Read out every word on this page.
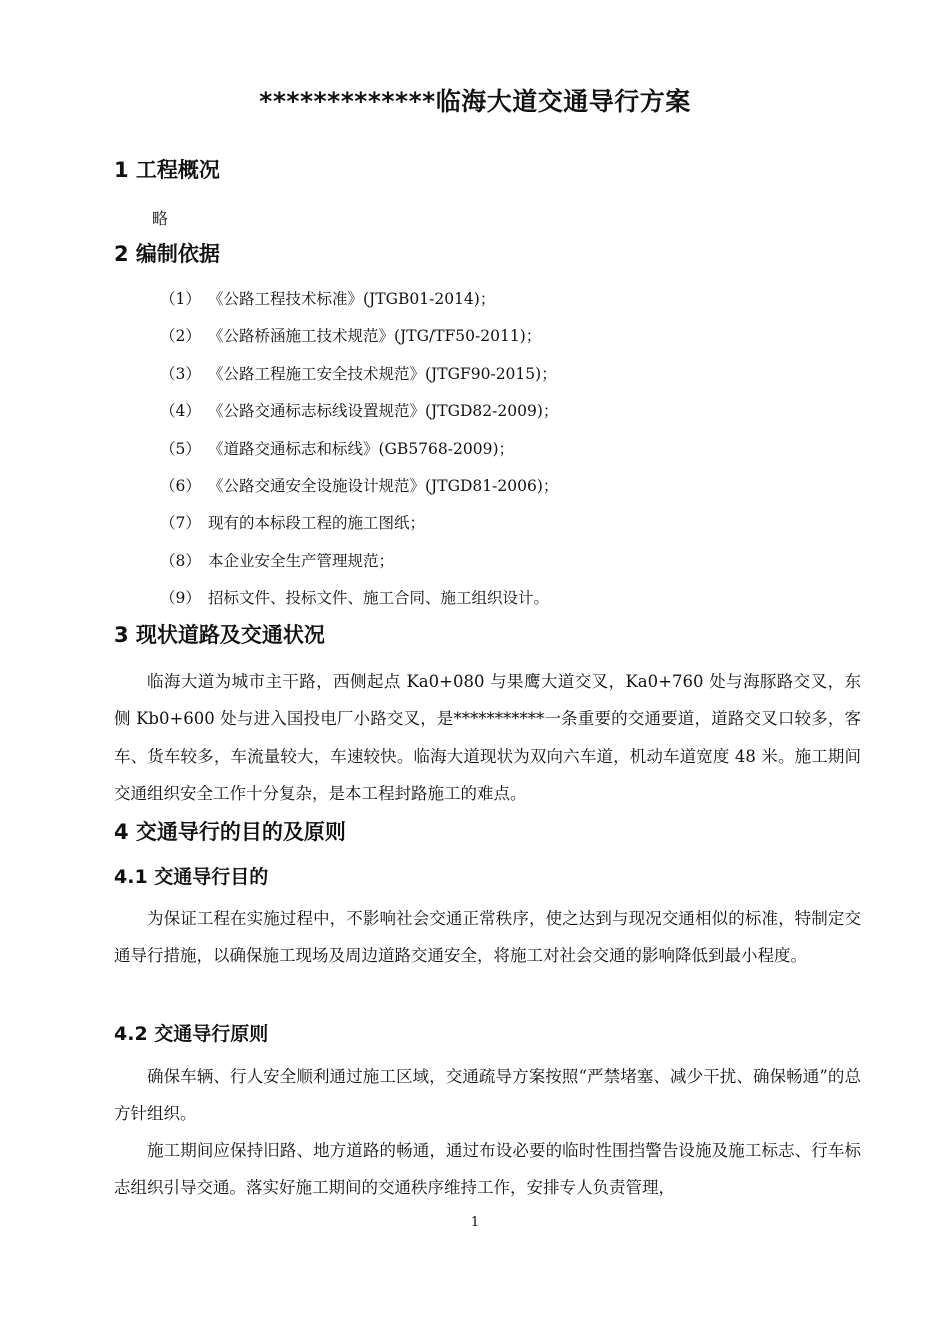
*************临海大道交通导行方案
1 工程概况

略

2 编制依据
（1） 《公路工程技术标准》(JTGB01-2014)；
（2） 《公路桥涵施工技术规范》(JTG/TF50-2011)；
（3） 《公路工程施工安全技术规范》(JTGF90-2015)；
（4） 《公路交通标志标线设置规范》(JTGD82-2009)；
（5） 《道路交通标志和标线》(GB5768-2009)；
（6） 《公路交通安全设施设计规范》(JTGD81-2006)；
（7） 现有的本标段工程的施工图纸；
（8） 本企业安全生产管理规范；
（9） 招标文件、投标文件、施工合同、施工组织设计。
3 现状道路及交通状况

临海大道为城市主干路，西侧起点 Ka0+080 与果鹰大道交叉，Ka0+760 处与海豚路交叉，东侧 Kb0+600 处与进入国投电厂小路交叉，是***********一条重要的交通要道，道路交叉口较多，客车、货车较多，车流量较大，车速较快。临海大道现状为双向六车道，机动车道宽度 48 米。施工期间交通组织安全工作十分复杂，是本工程封路施工的难点。

4 交通导行的目的及原则
4.1 交通导行目的

为保证工程在实施过程中，不影响社会交通正常秩序，使之达到与现况交通相似的标准，特制定交通导行措施，以确保施工现场及周边道路交通安全，将施工对社会交通的影响降低到最小程度。

4.2 交通导行原则

确保车辆、行人安全顺利通过施工区域，交通疏导方案按照“严禁堵塞、减少干扰、确保畅通”的总方针组织。

施工期间应保持旧路、地方道路的畅通，通过布设必要的临时性围挡警告设施及施工标志、行车标志组织引导交通。落实好施工期间的交通秩序维持工作，安排专人负责管理，

1
